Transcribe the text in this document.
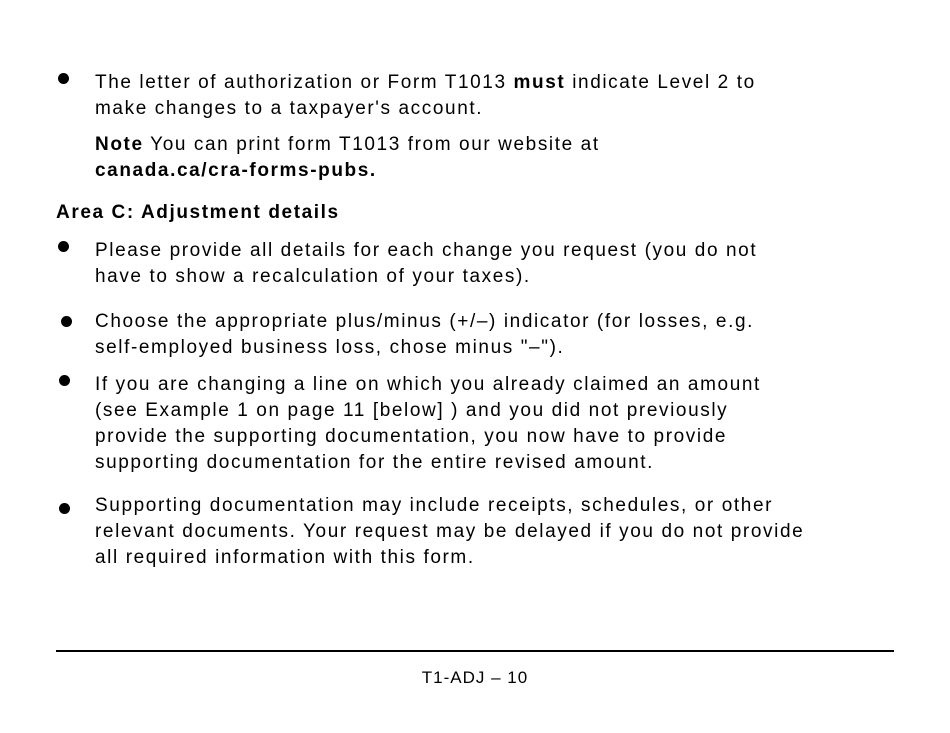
The letter of authorization or Form T1013 must indicate Level 2 to
make changes to a taxpayer's account.
Note You can print form T1013 from our website at
canada.ca/cra-forms-pubs.
Area C: Adjustment details
Please provide all details for each change you request (you do not
have to show a recalculation of your taxes).
Choose the appropriate plus/minus (+/–) indicator (for losses, e.g.
self-employed business loss, chose minus "–").
If you are changing a line on which you already claimed an amount
(see Example 1 on page 11 [below] ) and you did not previously
provide the supporting documentation, you now have to provide
supporting documentation for the entire revised amount.
Supporting documentation may include receipts, schedules, or other
relevant documents. Your request may be delayed if you do not provide
all required information with this form.
T1-ADJ – 10
